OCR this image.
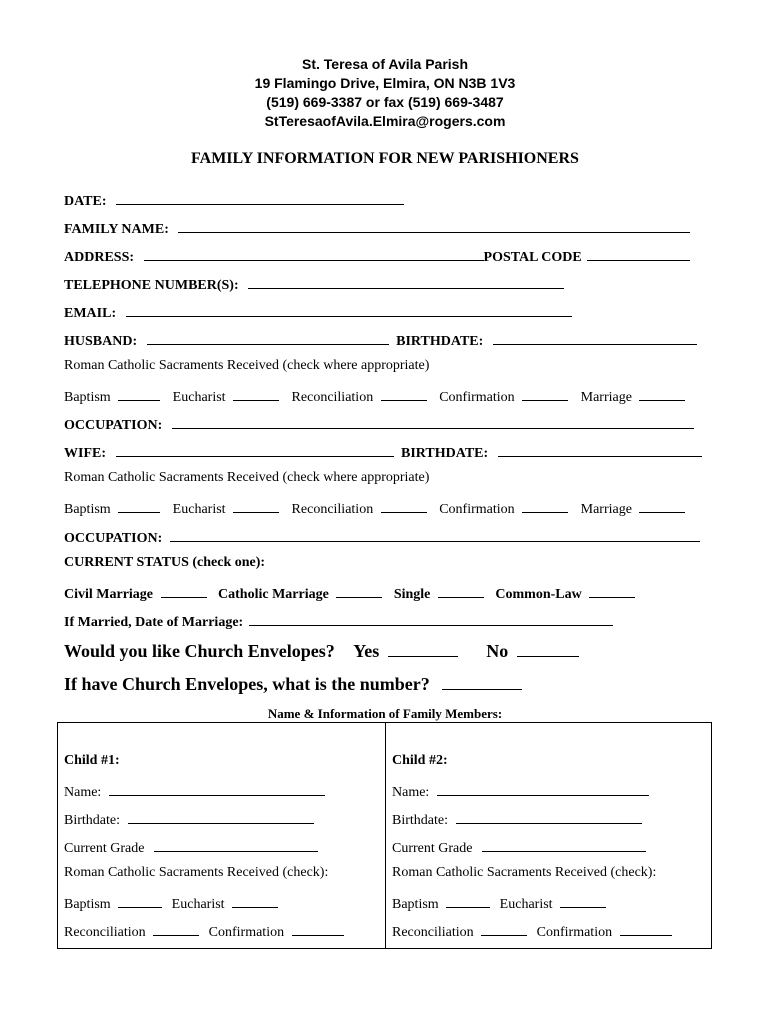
St. Teresa of Avila Parish
19 Flamingo Drive, Elmira, ON N3B 1V3
(519) 669-3387 or fax (519) 669-3487
StTeresaofAvila.Elmira@rogers.com
FAMILY INFORMATION FOR NEW PARISHIONERS
DATE:
FAMILY NAME:
ADDRESS:	POSTAL CODE
TELEPHONE NUMBER(S):
EMAIL:
HUSBAND:	BIRTHDATE:
Roman Catholic Sacraments Received (check where appropriate)
Baptism	Eucharist	Reconciliation	Confirmation	Marriage
OCCUPATION:
WIFE:	BIRTHDATE:
Roman Catholic Sacraments Received (check where appropriate)
Baptism	Eucharist	Reconciliation	Confirmation	Marriage
OCCUPATION:
CURRENT STATUS (check one):
Civil Marriage	Catholic Marriage	Single	Common-Law
If Married, Date of Marriage:
Would you like Church Envelopes? Yes	No
If have Church Envelopes, what is the number?
Name & Information of Family Members:
Child #1:
Name:
Birthdate:
Current Grade
Roman Catholic Sacraments Received (check):
Baptism	Eucharist
Reconciliation	Confirmation
Child #2:
Name:
Birthdate:
Current Grade
Roman Catholic Sacraments Received (check):
Baptism	Eucharist
Reconciliation	Confirmation
